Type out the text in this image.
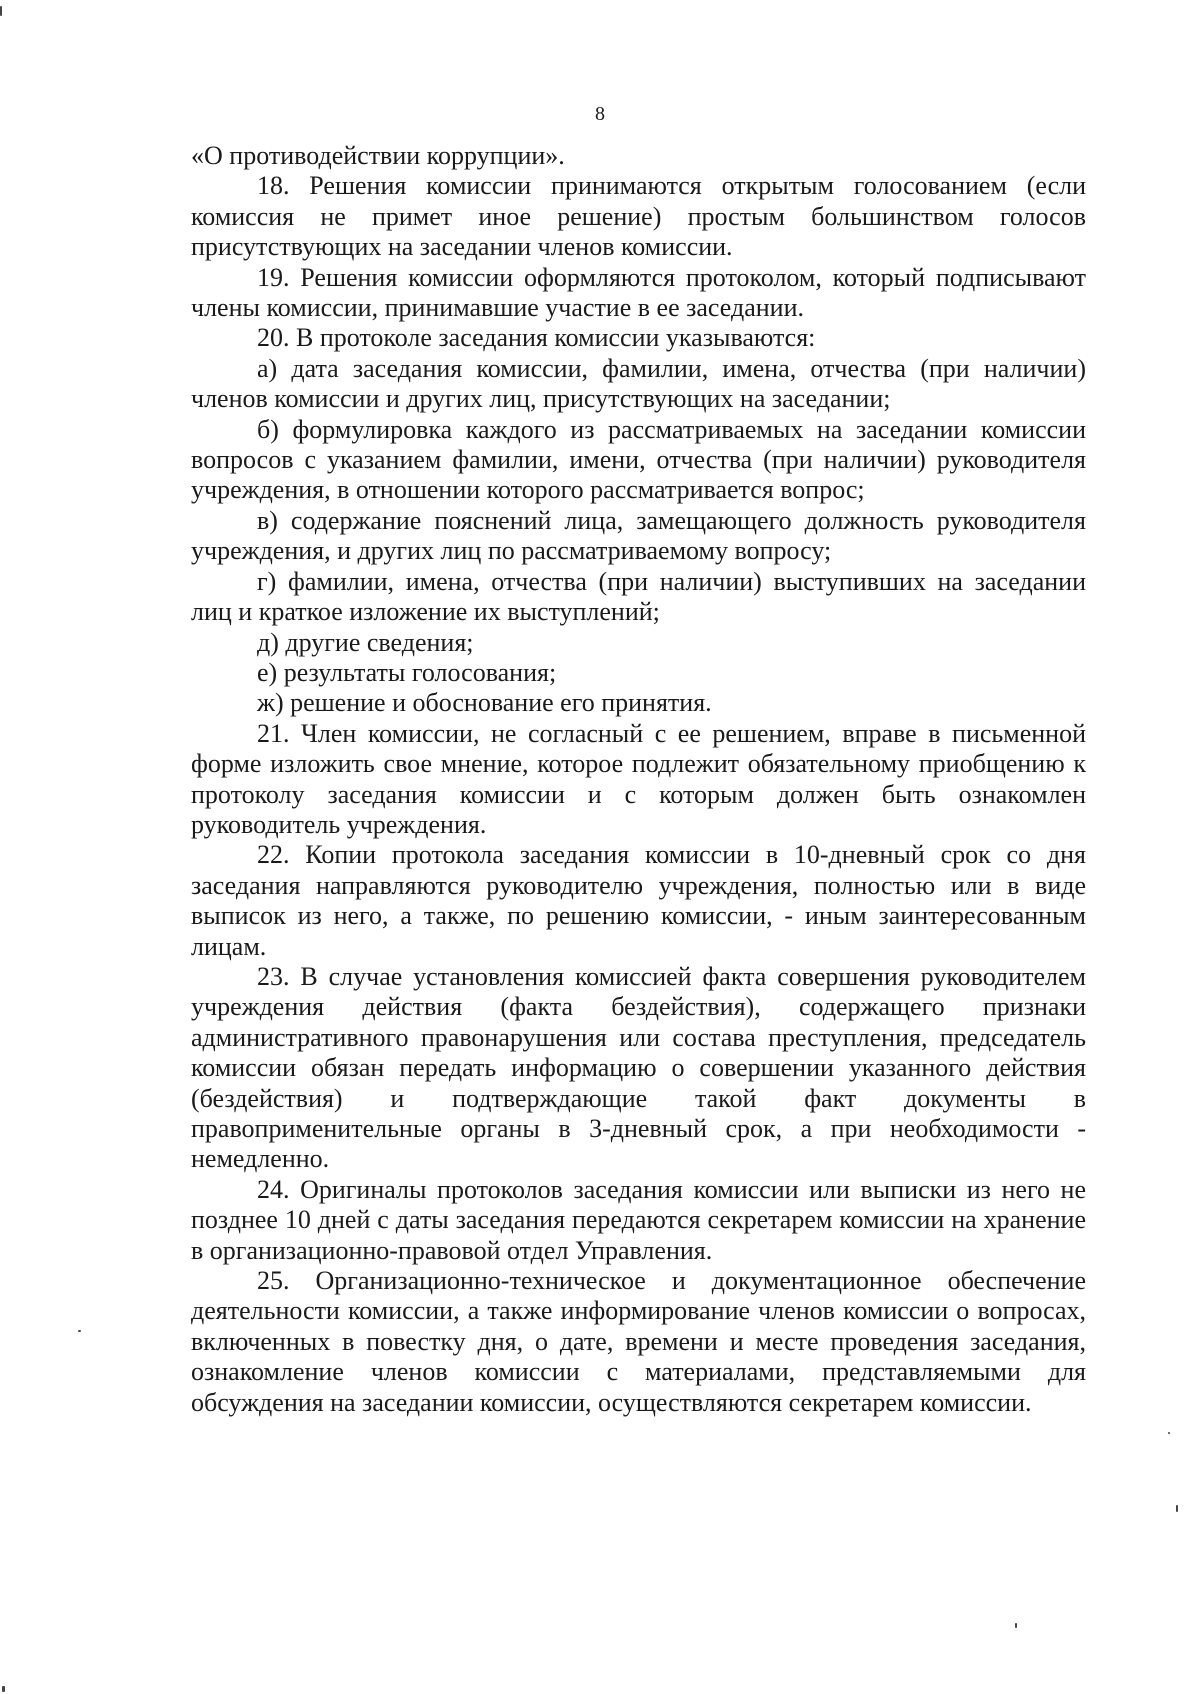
8

«О противодействии коррупции».

18. Решения комиссии принимаются открытым голосованием (если комиссия не примет иное решение) простым большинством голосов присутствующих на заседании членов комиссии.

19. Решения комиссии оформляются протоколом, который подписывают члены комиссии, принимавшие участие в ее заседании.

20. В протоколе заседания комиссии указываются:

а) дата заседания комиссии, фамилии, имена, отчества (при наличии) членов комиссии и других лиц, присутствующих на заседании;

б) формулировка каждого из рассматриваемых на заседании комиссии вопросов с указанием фамилии, имени, отчества (при наличии) руководителя учреждения, в отношении которого рассматривается вопрос;

в) содержание пояснений лица, замещающего должность руководителя учреждения, и других лиц по рассматриваемому вопросу;

г) фамилии, имена, отчества (при наличии) выступивших на заседании лиц и краткое изложение их выступлений;

д) другие сведения;

е) результаты голосования;

ж) решение и обоснование его принятия.

21. Член комиссии, не согласный с ее решением, вправе в письменной форме изложить свое мнение, которое подлежит обязательному приобщению к протоколу заседания комиссии и с которым должен быть ознакомлен руководитель учреждения.

22. Копии протокола заседания комиссии в 10-дневный срок со дня заседания направляются руководителю учреждения, полностью или в виде выписок из него, а также, по решению комиссии, - иным заинтересованным лицам.

23. В случае установления комиссией факта совершения руководителем учреждения действия (факта бездействия), содержащего признаки административного правонарушения или состава преступления, председатель комиссии обязан передать информацию о совершении указанного действия (бездействия) и подтверждающие такой факт документы в правоприменительные органы в 3-дневный срок, а при необходимости - немедленно.

24. Оригиналы протоколов заседания комиссии или выписки из него не позднее 10 дней с даты заседания передаются секретарем комиссии на хранение в организационно-правовой отдел Управления.

25. Организационно-техническое и документационное обеспечение деятельности комиссии, а также информирование членов комиссии о вопросах, включенных в повестку дня, о дате, времени и месте проведения заседания, ознакомление членов комиссии с материалами, представляемыми для обсуждения на заседании комиссии, осуществляются секретарем комиссии.
